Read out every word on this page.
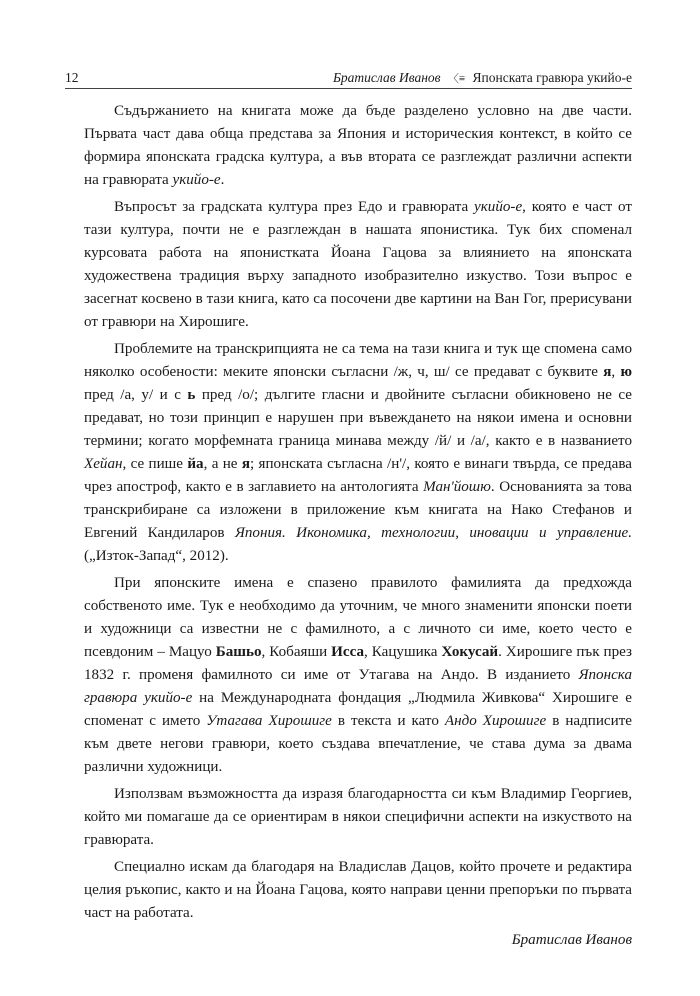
12	Братислав Иванов 〈≡ Японската гравюра укийо-е

Съдържанието на книгата може да бъде разделено условно на две части. Първата част дава обща представа за Япония и историческия контекст, в който се формира японската градска култура, а във втората се разглеждат различни аспекти на гравюрата укийо-е.

Въпросът за градската култура през Едо и гравюрата укийо-е, която е част от тази култура, почти не е разглеждан в нашата японистика. Тук бих споменал курсовата работа на японистката Йоана Гацова за влиянието на японската художествена традиция върху западното изобразително изкуство. Този въпрос е засегнат косвено в тази книга, като са посочени две картини на Ван Гог, прерисувани от гравюри на Хирошиге.

Проблемите на транскрипцията не са тема на тази книга и тук ще спомена само няколко особености: меките японски съгласни /ж, ч, ш/ се предават с буквите я, ю пред /а, у/ и с ь пред /о/; дългите гласни и двойните съгласни обикновено не се предават, но този принцип е нарушен при въвеждането на някои имена и основни термини; когато морфемната граница минава между /й/ и /а/, както е в названието Хейан, се пише йа, а не я; японската съгласна /н'/, която е винаги твърда, се предава чрез апостроф, както е в заглавието на антологията Ман'йошю. Основанията за това транскрибиране са изложени в приложение към книгата на Нако Стефанов и Евгений Кандиларов Япония. Икономика, технологии, иновации и управление. („Изток-Запад“, 2012).

При японските имена е спазено правилото фамилията да предхожда собственото име. Тук е необходимо да уточним, че много знаменити японски поети и художници са известни не с фамилното, а с личното си име, което често е псевдоним – Мацуо Башьо, Кобаяши Исса, Кацушика Хокусай. Хирошиге пък през 1832 г. променя фамилното си име от Утагава на Андо. В изданието Японска гравюра укийо-е на Международната фондация „Людмила Живкова“ Хирошиге е споменат с името Утагава Хирошиге в текста и като Андо Хирошиге в надписите към двете негови гравюри, което създава впечатление, че става дума за двама различни художници.

Използвам възможността да изразя благодарността си към Владимир Георгиев, който ми помагаше да се ориентирам в някои специфични аспекти на изкуството на гравюрата.

Специално искам да благодаря на Владислав Дацов, който прочете и редактира целия ръкопис, както и на Йоана Гацова, която направи ценни препоръки по първата част на работата.

Братислав Иванов
